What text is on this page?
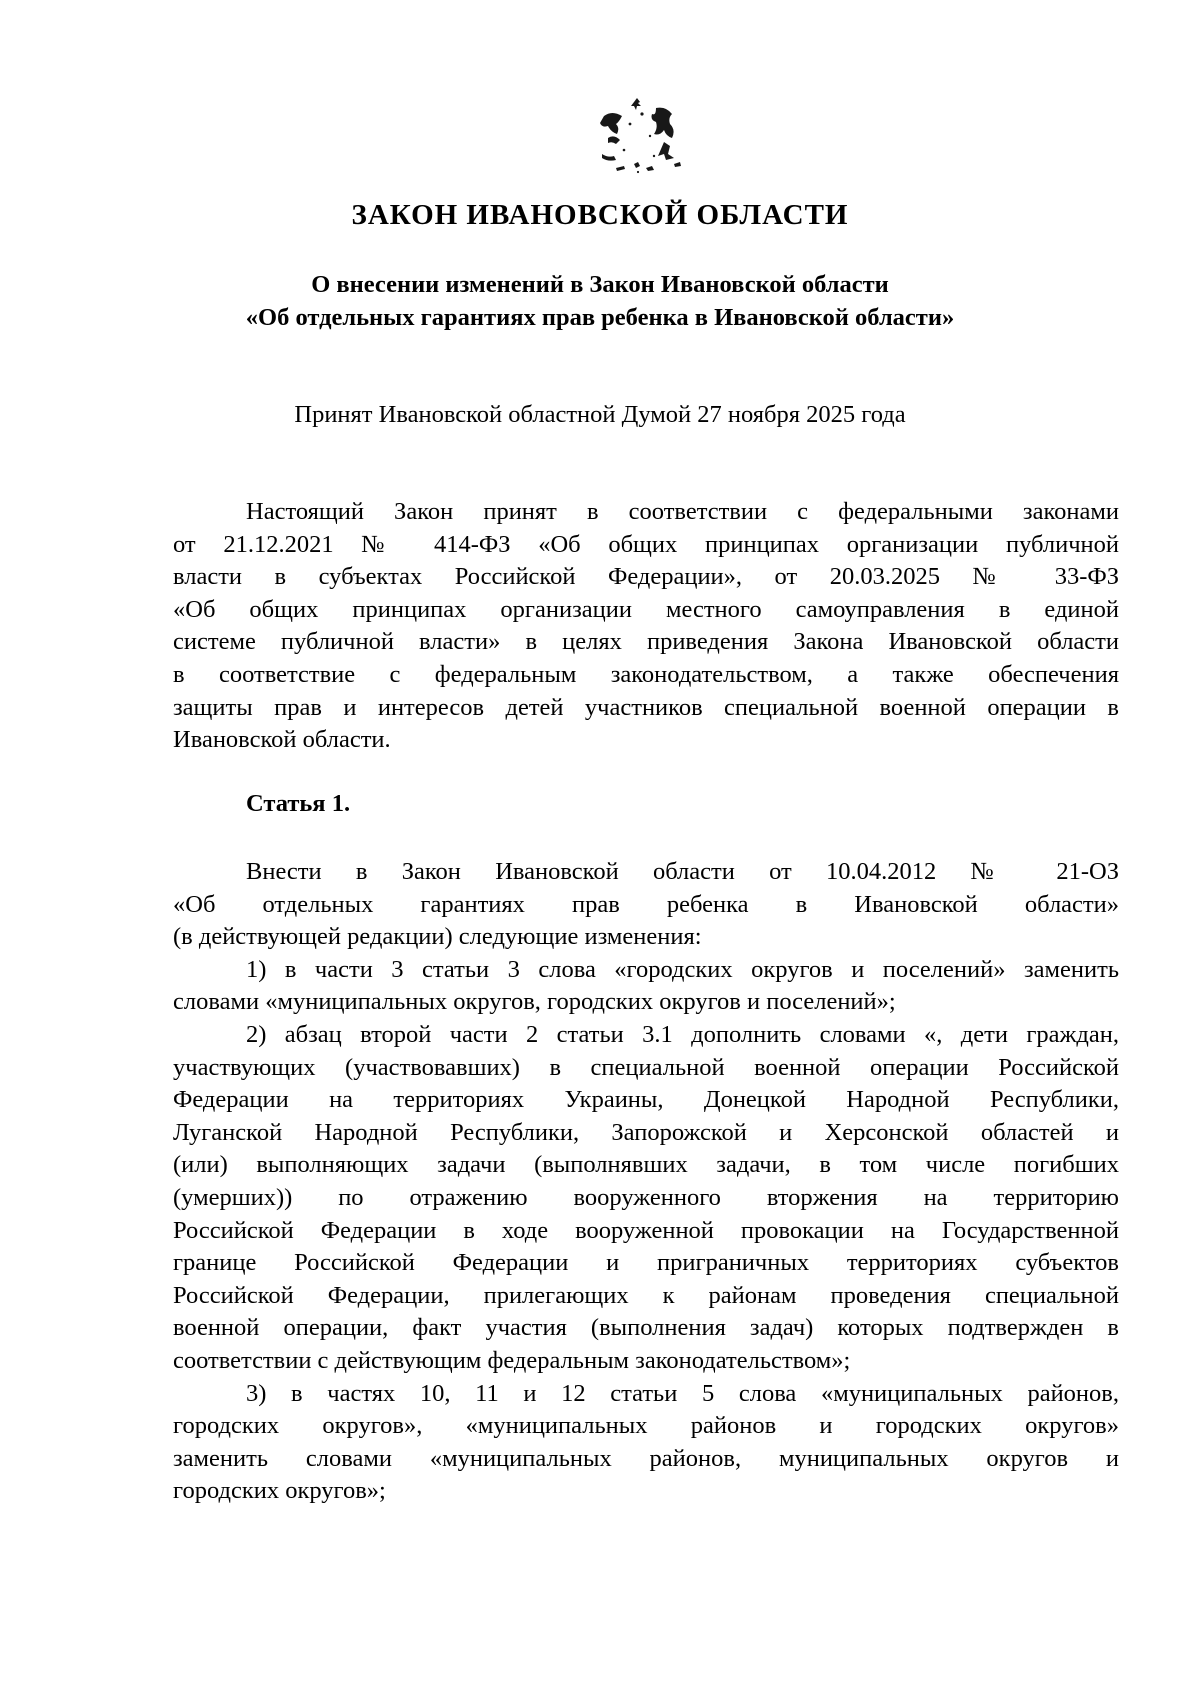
ЗАКОН ИВАНОВСКОЙ ОБЛАСТИ
О внесении изменений в Закон Ивановской области
«Об отдельных гарантиях прав ребенка в Ивановской области»
Принят Ивановской областной Думой 27 ноября 2025 года
Настоящий Закон принят в соответствии с федеральными законами
от 21.12.2021 № 414-ФЗ «Об общих принципах организации публичной
власти в субъектах Российской Федерации», от 20.03.2025 № 33-ФЗ
«Об общих принципах организации местного самоуправления в единой
системе публичной власти» в целях приведения Закона Ивановской области
в соответствие с федеральным законодательством, а также обеспечения
защиты прав и интересов детей участников специальной военной операции в
Ивановской области.
Статья 1.
Внести в Закон Ивановской области от 10.04.2012 № 21-ОЗ
«Об отдельных гарантиях прав ребенка в Ивановской области»
(в действующей редакции) следующие изменения:
1) в части 3 статьи 3 слова «городских округов и поселений» заменить
словами «муниципальных округов, городских округов и поселений»;
2) абзац второй части 2 статьи 3.1 дополнить словами «, дети граждан,
участвующих (участвовавших) в специальной военной операции Российской
Федерации на территориях Украины, Донецкой Народной Республики,
Луганской Народной Республики, Запорожской и Херсонской областей и
(или) выполняющих задачи (выполнявших задачи, в том числе погибших
(умерших)) по отражению вооруженного вторжения на территорию
Российской Федерации в ходе вооруженной провокации на Государственной
границе Российской Федерации и приграничных территориях субъектов
Российской Федерации, прилегающих к районам проведения специальной
военной операции, факт участия (выполнения задач) которых подтвержден в
соответствии с действующим федеральным законодательством»;
3) в частях 10, 11 и 12 статьи 5 слова «муниципальных районов,
городских округов», «муниципальных районов и городских округов»
заменить словами «муниципальных районов, муниципальных округов и
городских округов»;
